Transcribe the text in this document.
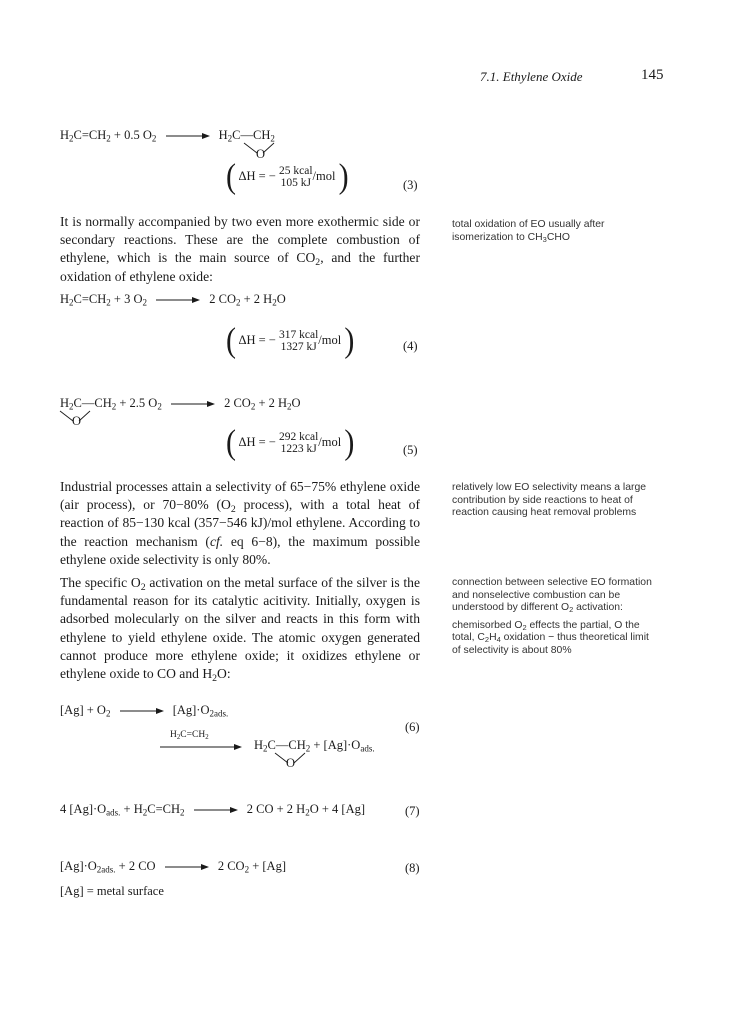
7.1. Ethylene Oxide	145
$H_2C=CH_2 + 0.5$ $O_2$ → $H_2C—CH_2$
O
( ΔH = − 25 kcal
105 kJ/mol )	(3)

It is normally accompanied by two even more exothermic side or secondary reactions. These are the complete combustion of ethylene, which is the main source of $CO_2$, and the further oxidation of ethylene oxide:

total oxidation of EO usually after isomerization to $CH_3CHO$

$H_2C=CH_2 + 3$ $O_2 \to 2$ $CO_2 + 2$ $H_2O$
( ΔH = − 317 kcal
1327 kJ/mol )	(4)
$H_2C—CH_2 + 2.5$ $O_2 \to 2$ $CO_2 + 2$ $H_2O$
O
( ΔH = − 292 kcal
1223 kJ/mol )	(5)

Industrial processes attain a selectivity of 65−75% ethylene oxide (air process), or 70−80% ($O_2$ process), with a total heat of reaction of 85−130 kcal (357−546 kJ)/mol ethylene. According to the reaction mechanism (cf. eq 6−8), the maximum possible ethylene oxide selectivity is only 80%.

relatively low EO selectivity means a large contribution by side reactions to heat of reaction causing heat removal problems

The specific $O_2$ activation on the metal surface of the silver is the fundamental reason for its catalytic acitivity. Initially, oxygen is adsorbed molecularly on the silver and reacts in this form with ethylene to yield ethylene oxide. The atomic oxygen generated cannot produce more ethylene oxide; it oxidizes ethylene or ethylene oxide to CO and $H_2O$:

connection between selective EO formation and nonselective combustion can be understood by different $O_2$ activation:

chemisorbed $O_2$ effects the partial, O the total, $C_2H_4$ oxidation − thus theoretical limit of selectivity is about 80%

$[Ag] + O_2 \to [Ag]\cdot O_{2ads.}$
(6)
$H_2C=CH_2$
$H_2C—CH_2 + [Ag]\cdot O_{ads.}$
O
4 $[Ag]\cdot O_{ads.} + H_2C=CH_2 \to 2$ CO + 2 $H_2O + 4$ [Ag]	(7)
$[Ag]\cdot O_{2ads.} + 2$ CO → 2 $CO_2 + [Ag]$	(8)
[Ag] = metal surface
